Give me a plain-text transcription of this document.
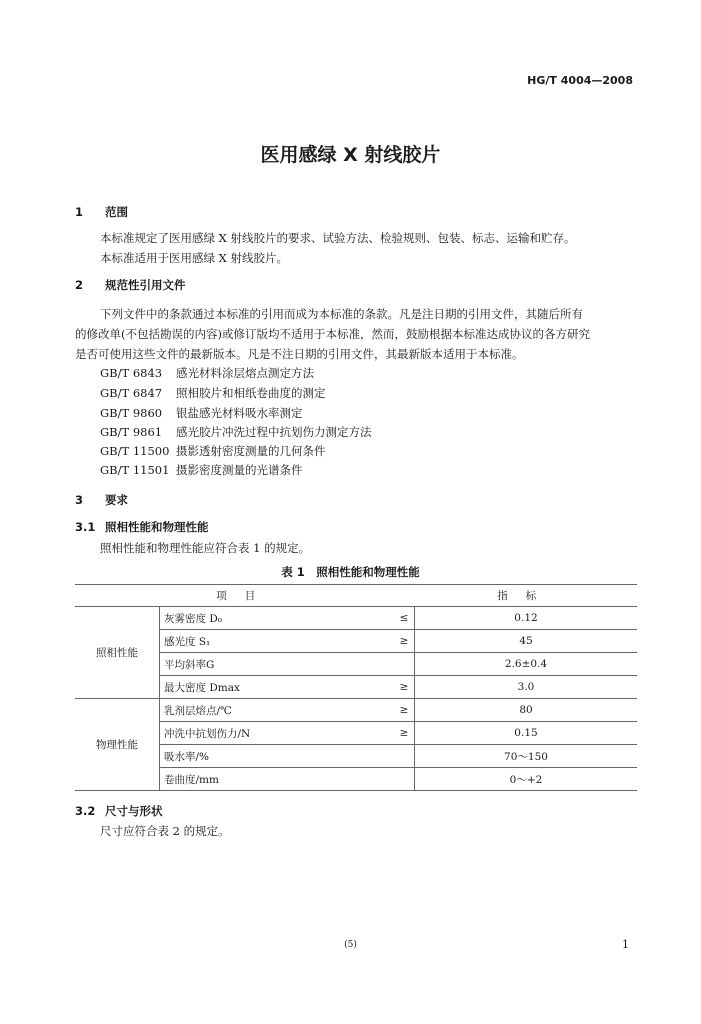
HG/T 4004—2008
医用感绿 X 射线胶片
1 范围
本标准规定了医用感绿 X 射线胶片的要求、试验方法、检验规则、包装、标志、运输和贮存。
本标准适用于医用感绿 X 射线胶片。
2 规范性引用文件
下列文件中的条款通过本标准的引用而成为本标准的条款。凡是注日期的引用文件，其随后所有
的修改单(不包括勘误的内容)或修订版均不适用于本标准，然而，鼓励根据本标准达成协议的各方研究
是否可使用这些文件的最新版本。凡是不注日期的引用文件，其最新版本适用于本标准。
GB/T 6843 感光材料涂层熔点测定方法
GB/T 6847 照相胶片和相纸卷曲度的测定
GB/T 9860 银盐感光材料吸水率测定
GB/T 9861 感光胶片冲洗过程中抗划伤力测定方法
GB/T 11500 摄影透射密度测量的几何条件
GB/T 11501 摄影密度测量的光谱条件
3 要求
3.1 照相性能和物理性能
照相性能和物理性能应符合表 1 的规定。
表 1　照相性能和物理性能
项目			指标
照相性能	灰雾密度 D₀	≤	0.12
	感光度 S₁	≥	45
	平均斜率G		2.6±0.4
	最大密度 Dmax	≥	3.0
物理性能	乳剂层熔点/℃	≥	80
	冲洗中抗划伤力/N	≥	0.15
	吸水率/%		70～150
	卷曲度/mm		0～+2
3.2 尺寸与形状
尺寸应符合表 2 的规定。
(5)	1
